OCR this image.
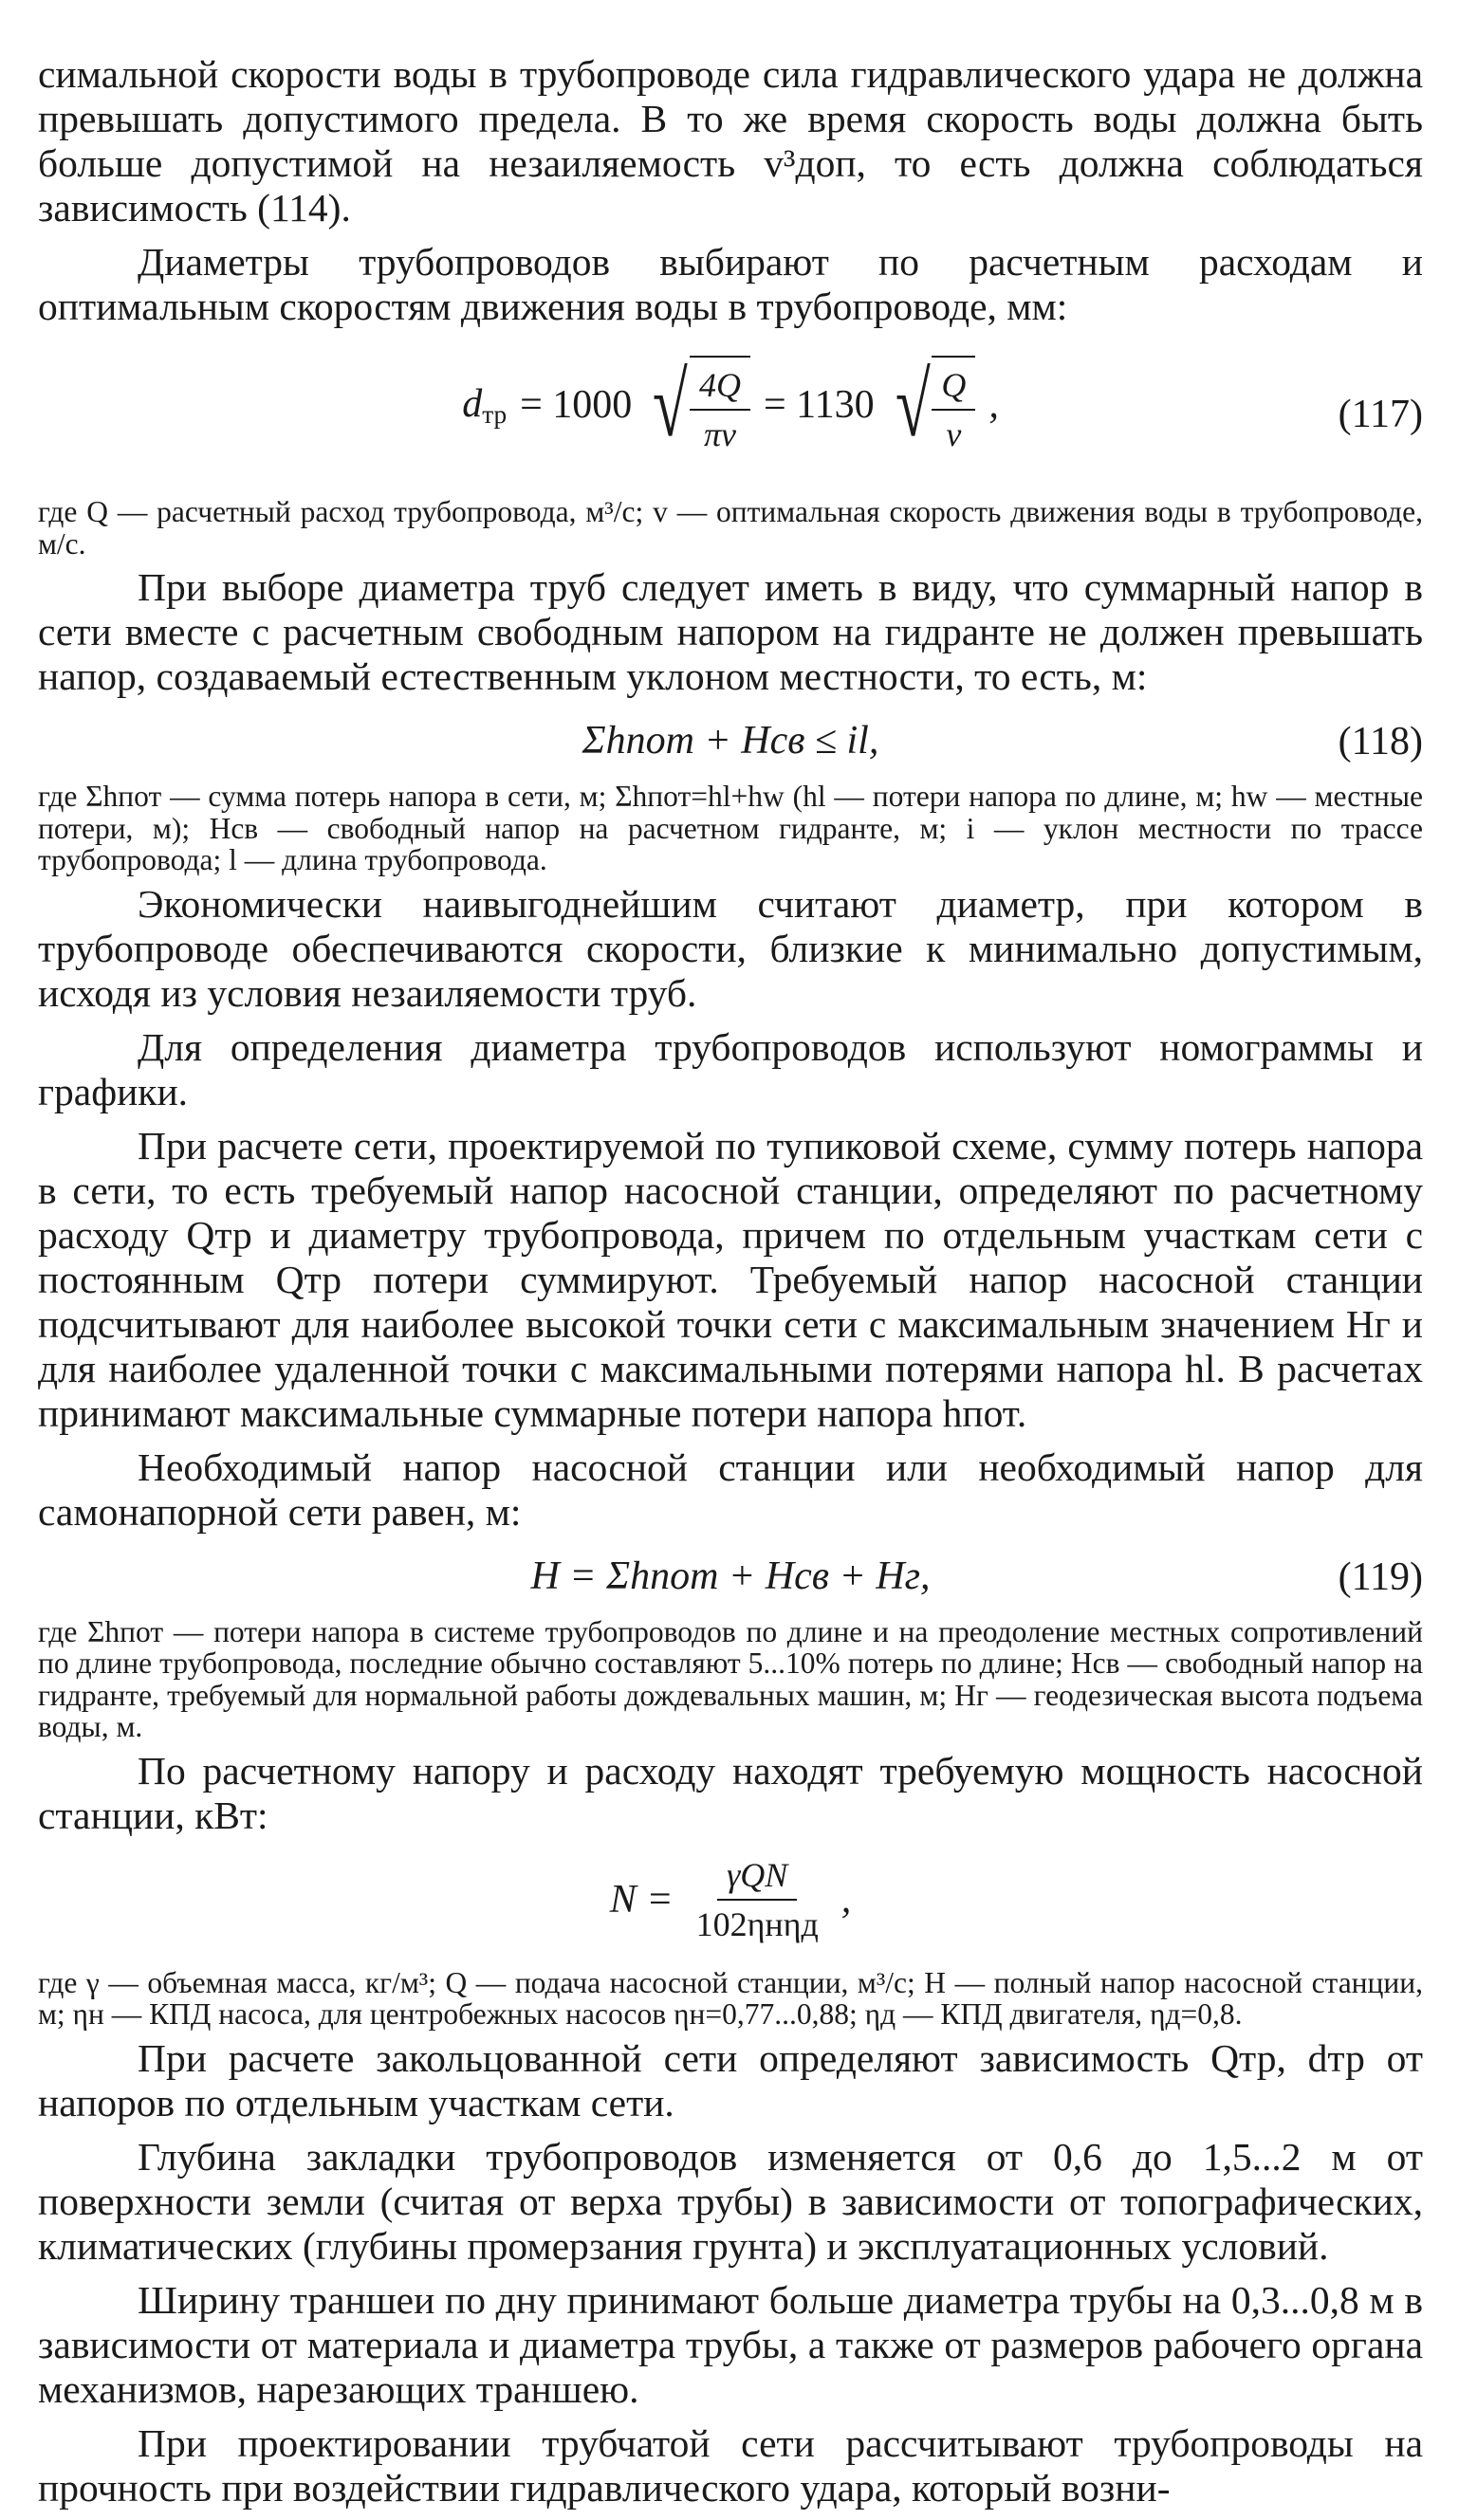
симальной скорости воды в трубопроводе сила гидравлического удара не должна превышать допустимого предела. В то же время скорость воды должна быть больше допустимой на незаиляемость v³доп, то есть должна соблюдаться зависимость (114).

Диаметры трубопроводов выбирают по расчетным расходам и оптимальным скоростям движения воды в трубопроводе, мм:

$d_{тр} = 1000$ √ $\frac{4Q}{\pi v} = 1130$ √ $\frac{Q}{v}$ ,	(117)

где Q — расчетный расход трубопровода, м³/с; v — оптимальная скорость движения воды в трубопроводе, м/с.

При выборе диаметра труб следует иметь в виду, что суммарный напор в сети вместе с расчетным свободным напором на гидранте не должен превышать напор, создаваемый естественным уклоном местности, то есть, м:

Σhпот + Hсв ≤ il,	(118)

где Σhпот — сумма потерь напора в сети, м; Σhпот=hl+hw (hl — потери напора по длине, м; hw — местные потери, м); Hсв — свободный напор на расчетном гидранте, м; i — уклон местности по трассе трубопровода; l — длина трубопровода.

Экономически наивыгоднейшим считают диаметр, при котором в трубопроводе обеспечиваются скорости, близкие к минимально допустимым, исходя из условия незаиляемости труб.

Для определения диаметра трубопроводов используют номограммы и графики.

При расчете сети, проектируемой по тупиковой схеме, сумму потерь напора в сети, то есть требуемый напор насосной станции, определяют по расчетному расходу Qтр и диаметру трубопровода, причем по отдельным участкам сети с постоянным Qтр потери суммируют. Требуемый напор насосной станции подсчитывают для наиболее высокой точки сети с максимальным значением Hг и для наиболее удаленной точки с максимальными потерями напора hl. В расчетах принимают максимальные суммарные потери напора hпот.

Необходимый напор насосной станции или необходимый напор для самонапорной сети равен, м:

H = Σhпот + Hсв + Hг,	(119)

где Σhпот — потери напора в системе трубопроводов по длине и на преодоление местных сопротивлений по длине трубопровода, последние обычно составляют 5...10% потерь по длине; Hсв — свободный напор на гидранте, требуемый для нормальной работы дождевальных машин, м; Hг — геодезическая высота подъема воды, м.

По расчетному напору и расходу находят требуемую мощность насосной станции, кВт:

$N = \frac{\text{γQN}}{\text{102ηнηд}}$ ,

где γ — объемная масса, кг/м³; Q — подача насосной станции, м³/с; H — полный напор насосной станции, м; ηн — КПД насоса, для центробежных насосов ηн=0,77...0,88; ηд — КПД двигателя, ηд=0,8.

При расчете закольцованной сети определяют зависимость Qтр, dтр от напоров по отдельным участкам сети.

Глубина закладки трубопроводов изменяется от 0,6 до 1,5...2 м от поверхности земли (считая от верха трубы) в зависимости от топографических, климатических (глубины промерзания грунта) и эксплуатационных условий.

Ширину траншеи по дну принимают больше диаметра трубы на 0,3...0,8 м в зависимости от материала и диаметра трубы, а также от размеров рабочего органа механизмов, нарезающих траншею.

При проектировании трубчатой сети рассчитывают трубопроводы на прочность при воздействии гидравлического удара, который возни-
